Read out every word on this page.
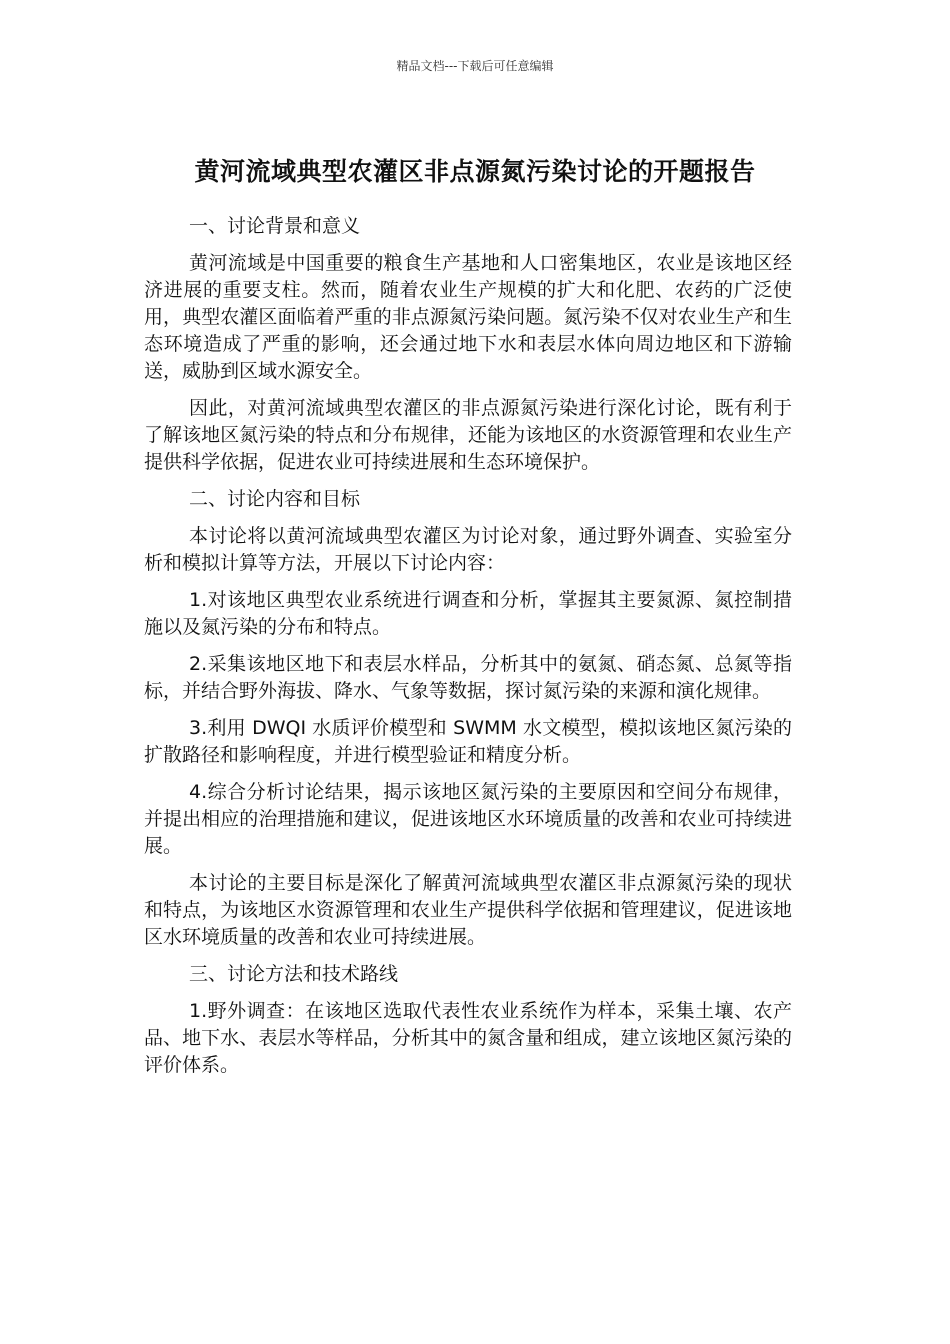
精品文档---下载后可任意编辑
黄河流域典型农灌区非点源氮污染讨论的开题报告

一、讨论背景和意义

黄河流域是中国重要的粮食生产基地和人口密集地区，农业是该地区经济进展的重要支柱。然而，随着农业生产规模的扩大和化肥、农药的广泛使用，典型农灌区面临着严重的非点源氮污染问题。氮污染不仅对农业生产和生态环境造成了严重的影响，还会通过地下水和表层水体向周边地区和下游输送，威胁到区域水源安全。

因此，对黄河流域典型农灌区的非点源氮污染进行深化讨论，既有利于了解该地区氮污染的特点和分布规律，还能为该地区的水资源管理和农业生产提供科学依据，促进农业可持续进展和生态环境保护。

二、讨论内容和目标

本讨论将以黄河流域典型农灌区为讨论对象，通过野外调查、实验室分析和模拟计算等方法，开展以下讨论内容：

1.对该地区典型农业系统进行调查和分析，掌握其主要氮源、氮控制措施以及氮污染的分布和特点。

2.采集该地区地下和表层水样品，分析其中的氨氮、硝态氮、总氮等指标，并结合野外海拔、降水、气象等数据，探讨氮污染的来源和演化规律。

3.利用 DWQI 水质评价模型和 SWMM 水文模型，模拟该地区氮污染的扩散路径和影响程度，并进行模型验证和精度分析。

4.综合分析讨论结果，揭示该地区氮污染的主要原因和空间分布规律，并提出相应的治理措施和建议，促进该地区水环境质量的改善和农业可持续进展。

本讨论的主要目标是深化了解黄河流域典型农灌区非点源氮污染的现状和特点，为该地区水资源管理和农业生产提供科学依据和管理建议，促进该地区水环境质量的改善和农业可持续进展。

三、讨论方法和技术路线

1.野外调查：在该地区选取代表性农业系统作为样本，采集土壤、农产品、地下水、表层水等样品，分析其中的氮含量和组成，建立该地区氮污染的评价体系。
